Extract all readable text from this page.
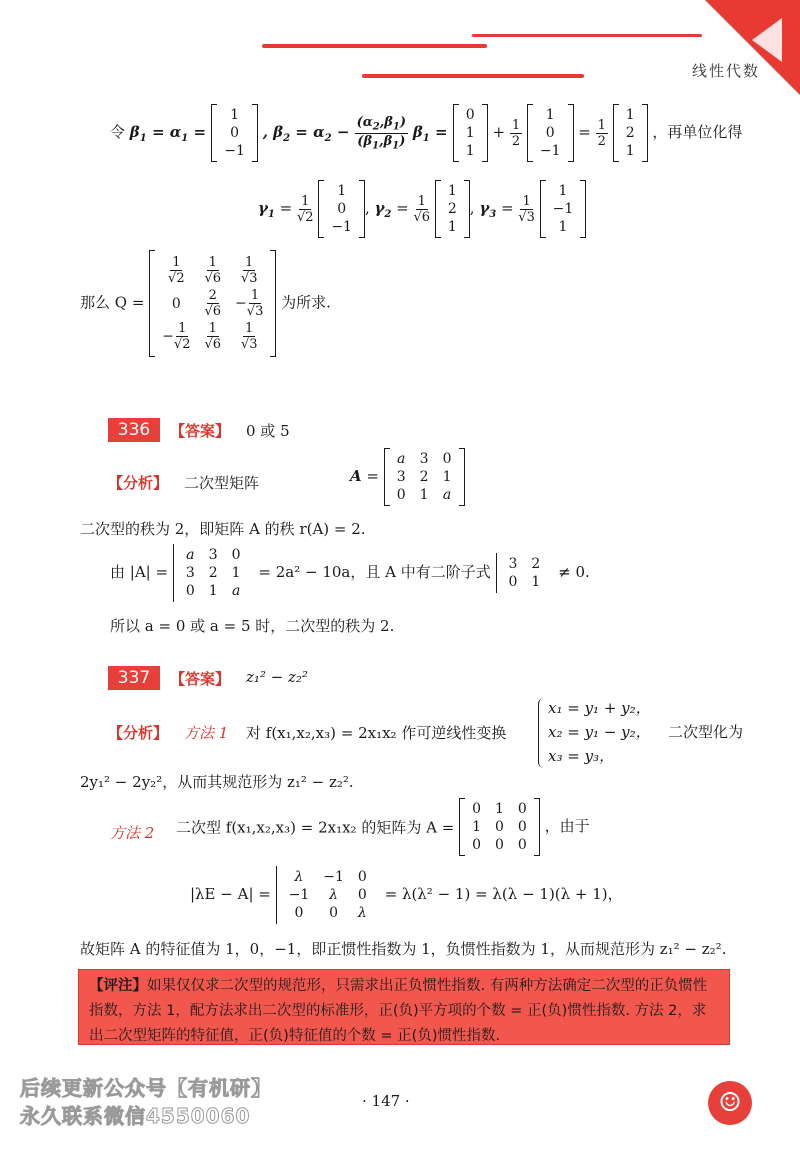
线性代数
令 $\beta_1 = \alpha_1$ =
1
0
−1
, $\beta_2 = \alpha_2 - \frac{(\alpha_2,\beta_1)}{(\beta_1,\beta_1)} \beta_1$ =
0
1
1
+ $\frac{1}{2}$

1
0
−1
= $\frac{1}{2}$

1
2
1
，再单位化得
$\gamma_1 = \frac{1}{√2}$

1
0
−1
, $\gamma_2 = \frac{1}{√6}$

1
2
1
, $\gamma_3 = \frac{1}{√3}$

1
−1
1
那么 Q =
$\frac{1}{√2}$	$\frac{1}{√6}$	$\frac{1}{√3}$

0	$\frac{2}{√6}$	− $\frac{1}{√3}$

− $\frac{1}{√2}$	$\frac{1}{√6}$	$\frac{1}{√3}$
为所求.
336	【答案】 0 或 5
【分析】 二次型矩阵	A =
a	3	0
3	2	1
0	1	a
二次型的秩为 2，即矩阵 A 的秩 r(A) = 2.
由 |A| =
a	3	0
3	2	1
0	1	a
= 2a² − 10a，且 A 中有二阶子式 3	2
0	1
≠ 0.
所以 a = 0 或 a = 5 时，二次型的秩为 2.
337	【答案】 z₁² − z₂²
【分析】 方法 1 对 f(x₁,x₂,x₃) = 2x₁x₂ 作可逆线性变换
x₁ = y₁ + y₂，
x₂ = y₁ − y₂，
x₃ = y₃，
二次型化为
2y₁² − 2y₂²，从而其规范形为 z₁² − z₂².
方法 2 二次型 f(x₁,x₂,x₃) = 2x₁x₂ 的矩阵为 A =
0	1	0
1	0	0
0	0	0
，由于
|λE − A| =
λ	−1	0
−1	λ	0
0	0	λ
= λ(λ² − 1) = λ(λ − 1)(λ + 1)，
故矩阵 A 的特征值为 1，0，−1，即正惯性指数为 1，负惯性指数为 1，从而规范形为 z₁² − z₂².
【评注】如果仅仅求二次型的规范形，只需求出正负惯性指数. 有两种方法确定二次型的正负惯性指数，方法 1，配方法求出二次型的标准形，正(负)平方项的个数 = 正(负)惯性指数. 方法 2，求出二次型矩阵的特征值，正(负)特征值的个数 = 正(负)惯性指数.
后续更新公众号【有机研】
永久联系微信4550060
· 147 ·	☺
